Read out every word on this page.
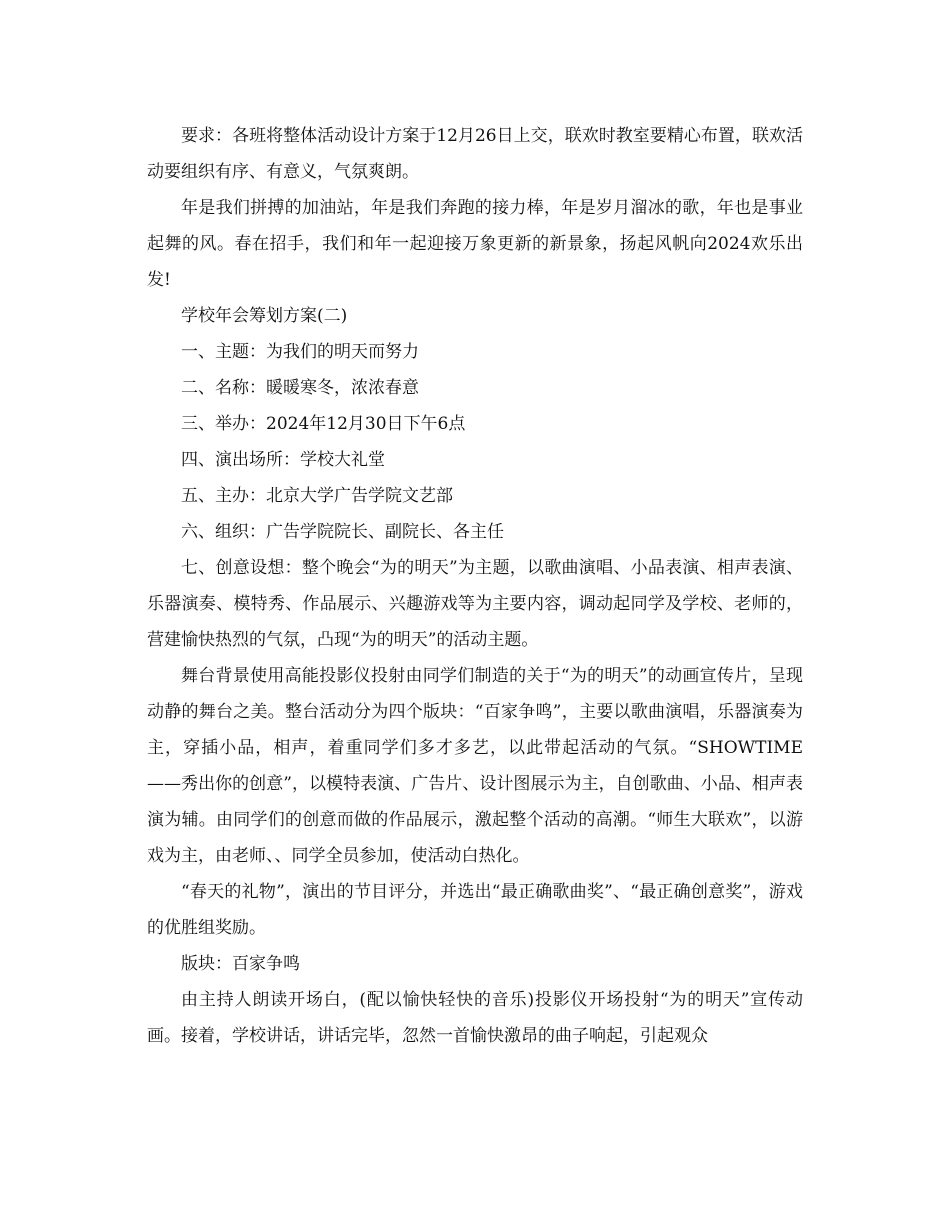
要求：各班将整体活动设计方案于12月26日上交，联欢时教室要精心布置，联欢活动要组织有序、有意义，气氛爽朗。

年是我们拼搏的加油站，年是我们奔跑的接力棒，年是岁月溜冰的歌，年也是事业起舞的风。春在招手，我们和年一起迎接万象更新的新景象，扬起风帆向2024欢乐出发!

学校年会筹划方案(二)

一、主题：为我们的明天而努力

二、名称：暖暖寒冬，浓浓春意

三、举办：2024年12月30日下午6点

四、演出场所：学校大礼堂

五、主办：北京大学广告学院文艺部

六、组织：广告学院院长、副院长、各主任

七、创意设想：整个晚会“为的明天”为主题，以歌曲演唱、小品表演、相声表演、乐器演奏、模特秀、作品展示、兴趣游戏等为主要内容，调动起同学及学校、老师的，营建愉快热烈的气氛，凸现“为的明天”的活动主题。

舞台背景使用高能投影仪投射由同学们制造的关于“为的明天”的动画宣传片，呈现动静的舞台之美。整台活动分为四个版块：“百家争鸣”，主要以歌曲演唱，乐器演奏为主，穿插小品，相声，着重同学们多才多艺，以此带起活动的气氛。“SHOWTIME——秀出你的创意”，以模特表演、广告片、设计图展示为主，自创歌曲、小品、相声表演为辅。由同学们的创意而做的作品展示，激起整个活动的高潮。“师生大联欢”，以游戏为主，由老师、、同学全员参加，使活动白热化。

“春天的礼物”，演出的节目评分，并选出“最正确歌曲奖”、“最正确创意奖”，游戏的优胜组奖励。

版块：百家争鸣

由主持人朗读开场白，(配以愉快轻快的音乐)投影仪开场投射“为的明天”宣传动画。接着，学校讲话，讲话完毕，忽然一首愉快激昂的曲子响起，引起观众
